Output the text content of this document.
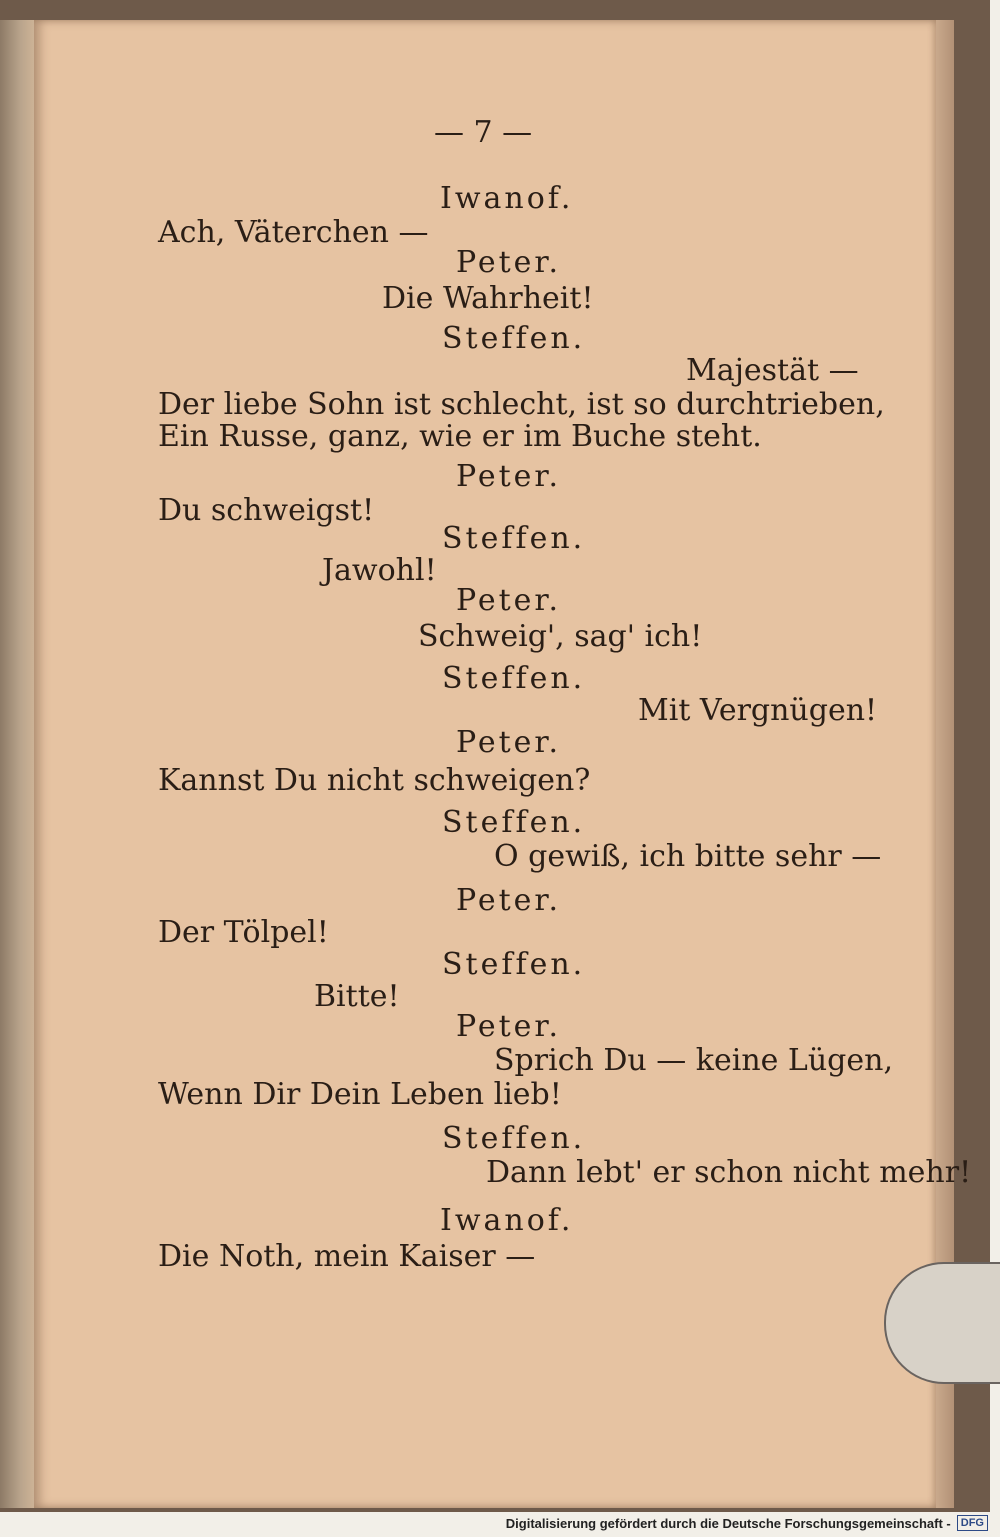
— 7 —
Iwanof.
Ach, Väterchen —
Peter.
Die Wahrheit!
Steffen.
Majestät —
Der liebe Sohn ist schlecht, ist so durchtrieben,
Ein Russe, ganz, wie er im Buche steht.
Peter.
Du schweigst!
Steffen.
Jawohl!
Peter.
Schweig', sag' ich!
Steffen.
Mit Vergnügen!
Peter.
Kannst Du nicht schweigen?
Steffen.
O gewiß, ich bitte sehr —
Peter.
Der Tölpel!
Steffen.
Bitte!
Peter.
Sprich Du — keine Lügen,
Wenn Dir Dein Leben lieb!
Steffen.
Dann lebt' er schon nicht mehr!
Iwanof.
Die Noth, mein Kaiser —
Digitalisierung gefördert durch die Deutsche Forschungsgemeinschaft - DFG
